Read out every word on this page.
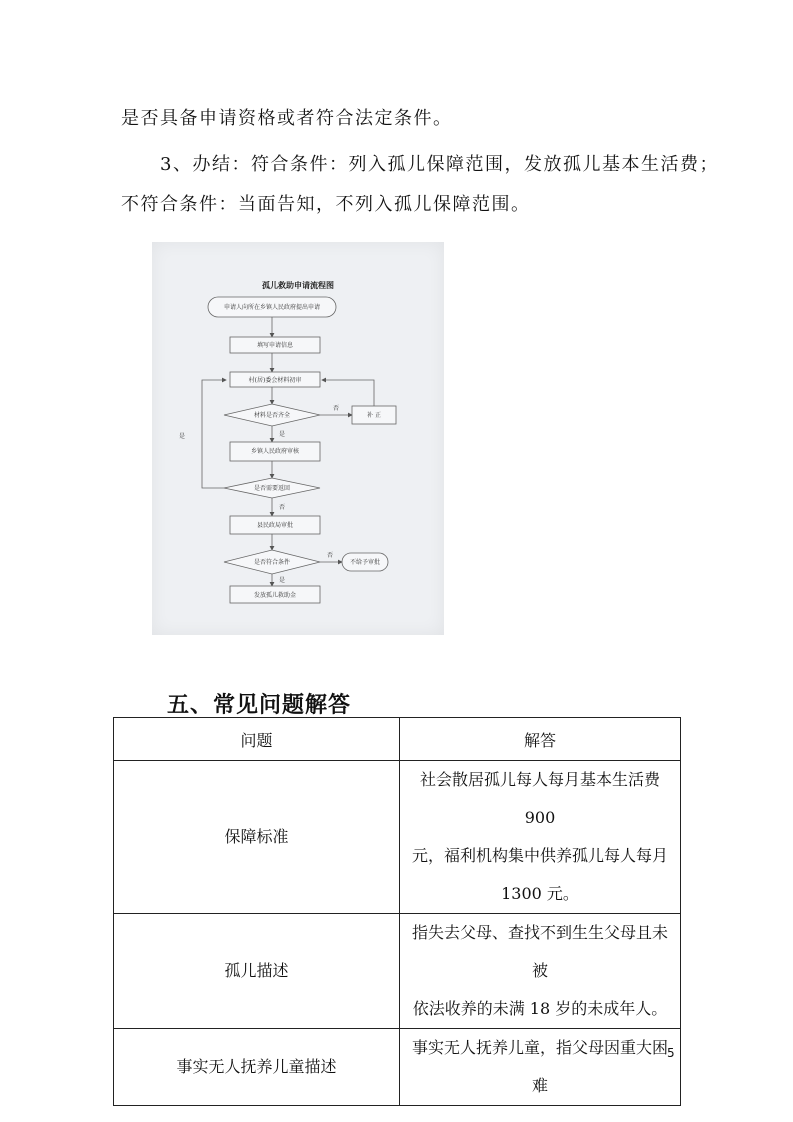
是否具备申请资格或者符合法定条件。
3、办结：符合条件：列入孤儿保障范围，发放孤儿基本生活费；
不符合条件：当面告知，不列入孤儿保障范围。
孤儿救助申请流程图
申请人向所在乡镇人民政府提出申请
填写申请信息
村(居)委会材料初审
材料是否齐全	补 正
乡镇人民政府审核
是否需要返回
县民政局审批
是否符合条件	不给予审批
发放孤儿救助金
是
否
是
否
是
否
五、常见问题解答
问题	解答
保障标准	社会散居孤儿每人每月基本生活费 900
元，福利机构集中供养孤儿每人每月
1300 元。

孤儿描述	指失去父母、查找不到生生父母且未被
依法收养的未满 18 岁的未成年人。

事实无人抚养儿童描述	事实无人抚养儿童，指父母因重大困难
5
